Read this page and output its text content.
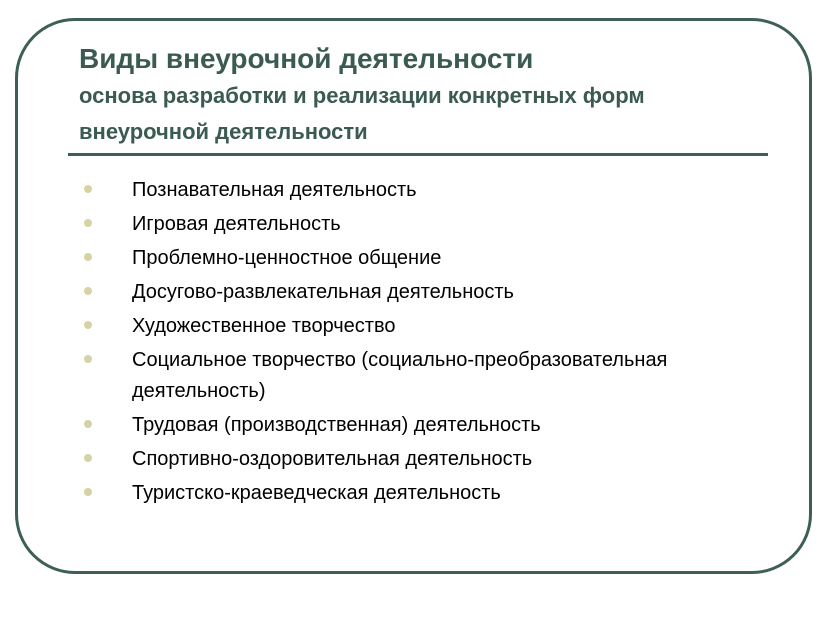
Виды внеурочной деятельности
основа разработки и реализации конкретных форм внеурочной деятельности
Познавательная деятельность
Игровая деятельность
Проблемно-ценностное общение
Досугово-развлекательная деятельность
Художественное творчество
Социальное творчество (социально-преобразовательная деятельность)
Трудовая (производственная) деятельность
Спортивно-оздоровительная деятельность
Туристско-краеведческая деятельность
